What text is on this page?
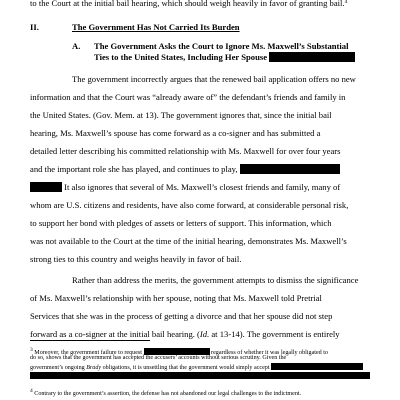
to the Court at the initial bail hearing, which should weigh heavily in favor of granting bail.$^4$
II.	The Government Has Not Carried Its Burden
A. The Government Asks the Court to Ignore Ms. Maxwell’s Substantial
Ties to the United States, Including Her Spouse
The government incorrectly argues that the renewed bail application offers no new
information and that the Court was “already aware of” the defendant’s friends and family in
the United States. (Gov. Mem. at 13). The government ignores that, since the initial bail
hearing, Ms. Maxwell’s spouse has come forward as a co-signer and has submitted a
detailed letter describing his committed relationship with Ms. Maxwell for over four years
and the important role she has played, and continues to play,
It also ignores that several of Ms. Maxwell’s closest friends and family, many of
whom are U.S. citizens and residents, have also come forward, at considerable personal risk,
to support her bond with pledges of assets or letters of support. This information, which
was not available to the Court at the time of the initial hearing, demonstrates Ms. Maxwell’s
strong ties to this country and weighs heavily in favor of bail.
Rather than address the merits, the government attempts to dismiss the significance
of Ms. Maxwell’s relationship with her spouse, noting that Ms. Maxwell told Pretrial
Services that she was in the process of getting a divorce and that her spouse did not step
forward as a co-signer at the initial bail hearing. (Id. at 13-14). The government is entirely
3 Moreover, the government failure to request	regardless of whether it was legally obligated to
do so, shows that the government has accepted the accusers’ accounts without serious scrutiny. Given the
government’s ongoing Brady obligations, it is unsettling that the government would simply accept
4 Contrary to the government’s assertion, the defense has not abandoned our legal challenges to the indictment.
